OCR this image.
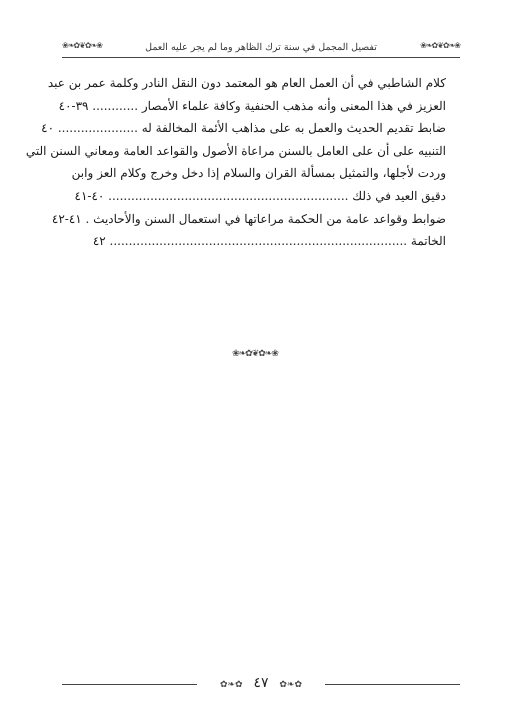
❀❧✿❦✿❧❀	تفصيل المجمل في سنة ترك الظاهر وما لم يجر عليه العمل	❀❧✿❦✿❧❀

كلام الشاطبي في أن العمل العام هو المعتمد دون النقل النادر وكلمة عمر بن عبد

العزيز في هذا المعنى وأنه مذهب الحنفية وكافة علماء الأمصار ............ ٣٩-٤٠

ضابط تقديم الحديث والعمل به على مذاهب الأئمة المخالفة له ..................... ٤٠

التنبيه على أن على العامل بالسنن مراعاة الأصول والقواعد العامة ومعاني السنن التي

وردت لأجلها، والتمثيل بمسألة القران والسلام إذا دخل وخرج وكلام العز وابن

دقيق العيد في ذلك ............................................................... ٤٠-٤١

ضوابط وقواعد عامة من الحكمة مراعاتها في استعمال السنن والأحاديث . ٤١-٤٢

الخاتمة .............................................................................. ٤٢

❀❧✿❦✿❧❀
✿❧✿ ٤٧ ✿❧✿
